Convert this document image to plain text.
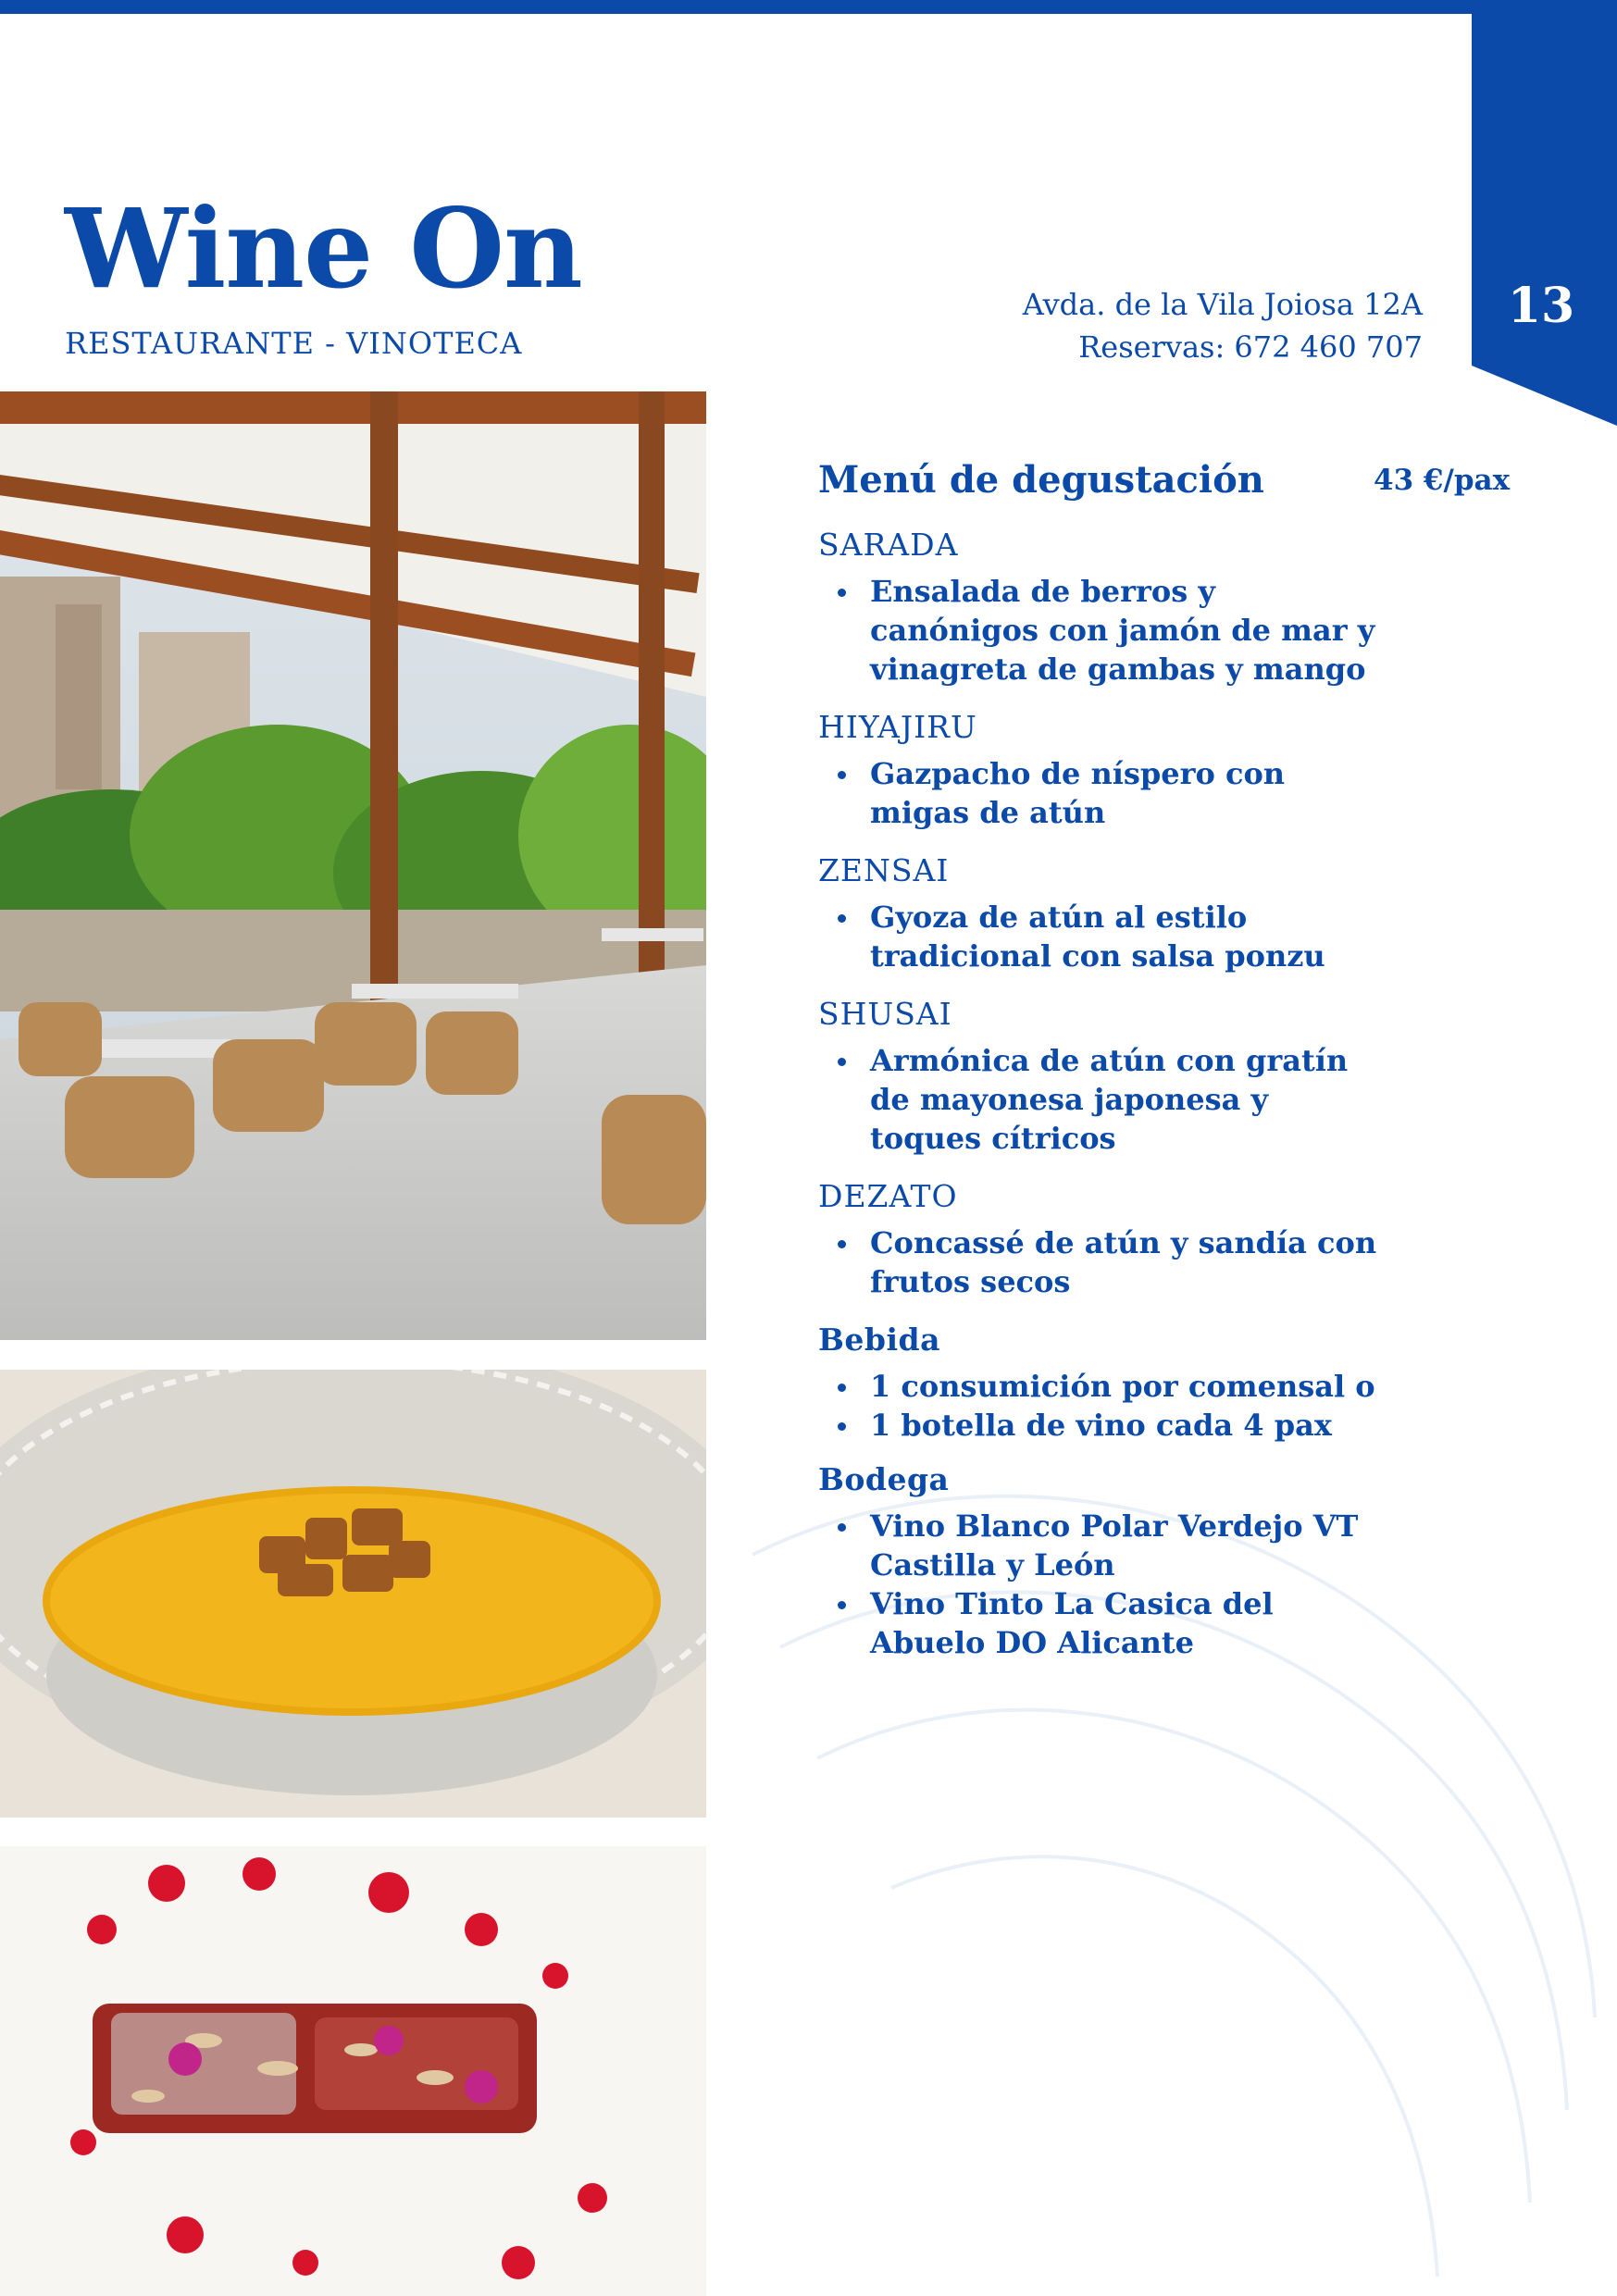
13
Wine On
RESTAURANTE - VINOTECA
Avda. de la Vila Joiosa 12A
Reservas: 672 460 707
Menú de degustación	43 €/pax
SARADA
Ensalada de berros y canónigos con jamón de mar y vinagreta de gambas y mango
HIYAJIRU
Gazpacho de níspero con migas de atún
ZENSAI
Gyoza de atún al estilo tradicional con salsa ponzu
SHUSAI
Armónica de atún con gratín de mayonesa japonesa y toques cítricos
DEZATO
Concassé de atún y sandía con frutos secos
Bebida
1 consumición por comensal o
1 botella de vino cada 4 pax
Bodega
Vino Blanco Polar Verdejo VT Castilla y León
Vino Tinto La Casica del Abuelo DO Alicante
